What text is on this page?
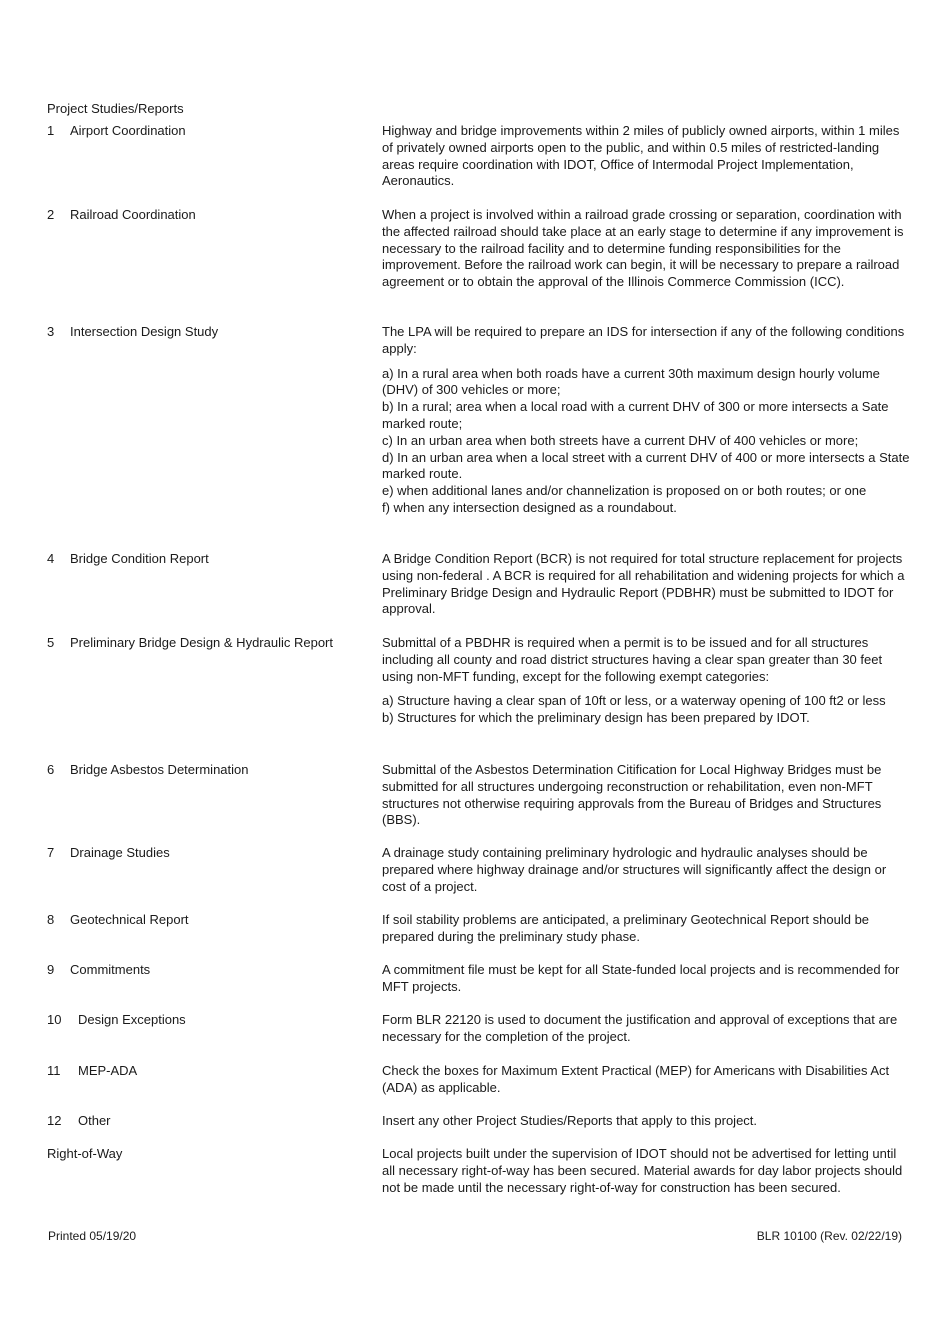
Project Studies/Reports
1 Airport Coordination	Highway and bridge improvements within 2 miles of publicly owned airports, within 1 miles of privately owned airports open to the public, and within 0.5 miles of restricted-landing areas require coordination with IDOT, Office of Intermodal Project Implementation, Aeronautics.

2 Railroad Coordination	When a project is involved within a railroad grade crossing or separation, coordination with the affected railroad should take place at an early stage to determine if any improvement is necessary to the railroad facility and to determine funding responsibilities for the improvement. Before the railroad work can begin, it will be necessary to prepare a railroad agreement or to obtain the approval of the Illinois Commerce Commission (ICC).

3 Intersection Design Study	The LPA will be required to prepare an IDS for intersection if any of the following conditions apply:

a) In a rural area when both roads have a current 30th maximum design hourly volume (DHV) of 300 vehicles or more;

b) In a rural; area when a local road with a current DHV of 300 or more intersects a Sate marked route;

c) In an urban area when both streets have a current DHV of 400 vehicles or more;

d) In an urban area when a local street with a current DHV of 400 or more intersects a State marked route.

e) when additional lanes and/or channelization is proposed on or both routes; or one

f) when any intersection designed as a roundabout.

4 Bridge Condition Report	A Bridge Condition Report (BCR) is not required for total structure replacement for projects using non-federal . A BCR is required for all rehabilitation and widening projects for which a Preliminary Bridge Design and Hydraulic Report (PDBHR) must be submitted to IDOT for approval.

5 Preliminary Bridge Design & Hydraulic Report	Submittal of a PBDHR is required when a permit is to be issued and for all structures including all county and road district structures having a clear span greater than 30 feet using non-MFT funding, except for the following exempt categories:

a) Structure having a clear span of 10ft or less, or a waterway opening of 100 ft2 or less

b) Structures for which the preliminary design has been prepared by IDOT.

6 Bridge Asbestos Determination	Submittal of the Asbestos Determination Citification for Local Highway Bridges must be submitted for all structures undergoing reconstruction or rehabilitation, even non-MFT structures not otherwise requiring approvals from the Bureau of Bridges and Structures (BBS).

7 Drainage Studies	A drainage study containing preliminary hydrologic and hydraulic analyses should be prepared where highway drainage and/or structures will significantly affect the design or cost of a project.

8 Geotechnical Report	If soil stability problems are anticipated, a preliminary Geotechnical Report should be prepared during the preliminary study phase.

9 Commitments	A commitment file must be kept for all State-funded local projects and is recommended for MFT projects.

10 Design Exceptions	Form BLR 22120 is used to document the justification and approval of exceptions that are necessary for the completion of the project.

11 MEP-ADA	Check the boxes for Maximum Extent Practical (MEP) for Americans with Disabilities Act (ADA) as applicable.

12 Other	Insert any other Project Studies/Reports that apply to this project.

Right-of-Way	Local projects built under the supervision of IDOT should not be advertised for letting until all necessary right-of-way has been secured. Material awards for day labor projects should not be made until the necessary right-of-way for construction has been secured.

Printed 05/19/20	BLR 10100 (Rev. 02/22/19)
